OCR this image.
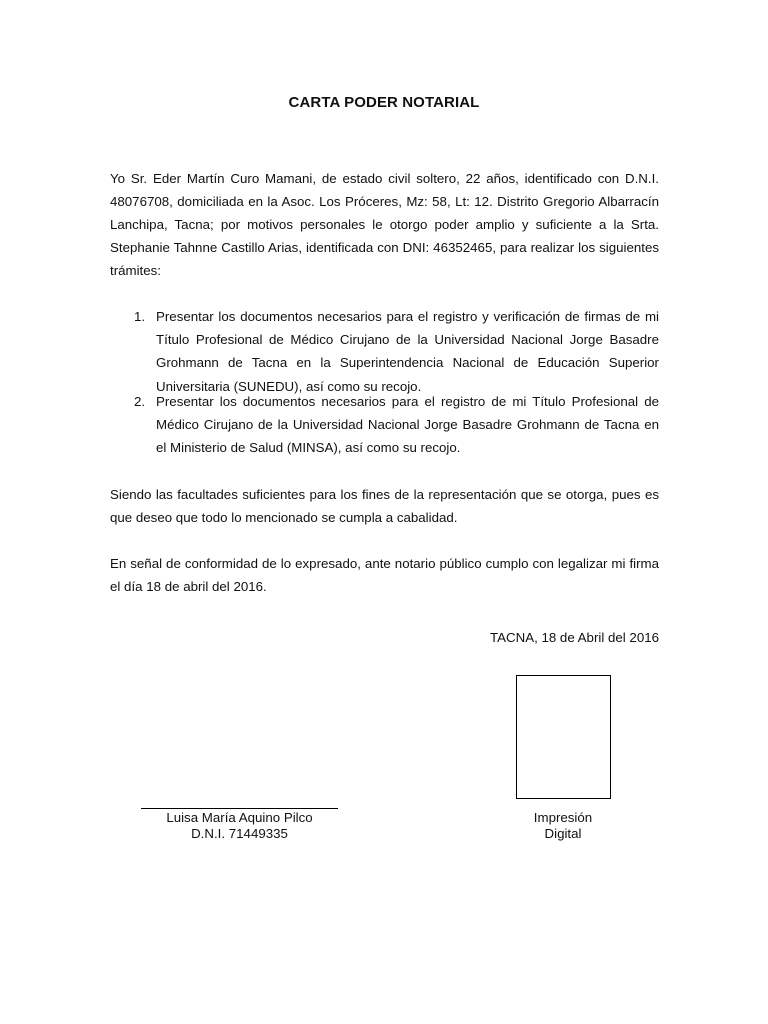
CARTA PODER NOTARIAL

Yo Sr. Eder Martín Curo Mamani, de estado civil soltero, 22 años, identificado con D.N.I. 48076708, domiciliada en la Asoc. Los Próceres, Mz: 58, Lt: 12. Distrito Gregorio Albarracín Lanchipa, Tacna; por motivos personales le otorgo poder amplio y suficiente a la Srta. Stephanie Tahnne Castillo Arias, identificada con DNI: 46352465, para realizar los siguientes trámites:

1. Presentar los documentos necesarios para el registro y verificación de firmas de mi Título Profesional de Médico Cirujano de la Universidad Nacional Jorge Basadre Grohmann de Tacna en la Superintendencia Nacional de Educación Superior Universitaria (SUNEDU), así como su recojo.

2. Presentar los documentos necesarios para el registro de mi Título Profesional de Médico Cirujano de la Universidad Nacional Jorge Basadre Grohmann de Tacna en el Ministerio de Salud (MINSA), así como su recojo.

Siendo las facultades suficientes para los fines de la representación que se otorga, pues es que deseo que todo lo mencionado se cumpla a cabalidad.

En señal de conformidad de lo expresado, ante notario público cumplo con legalizar mi firma el día 18 de abril del 2016.

TACNA, 18 de Abril del 2016

Luisa María Aquino Pilco

D.N.I. 71449335

Impresión

Digital
